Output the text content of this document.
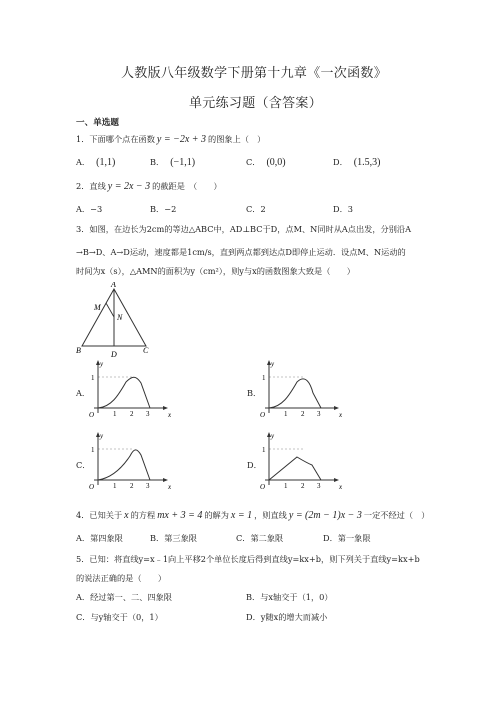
人教版八年级数学下册第十九章《一次函数》
单元练习题（含答案）
一、单选题
1．下面哪个点在函数 y = −2x + 3 的图象上（　）
A． (1,1)	B． (−1,1)	C． (0,0)	D． (1.5,3)
2．直线 y = 2x − 3 的截距是　（　　）
A．−3	B．−2	C．2	D．3
3．如图，在边长为2cm的等边△ABC中，AD⊥BC于D，点M、N同时从A点出发，分别沿A
→B→D、A→D运动，速度都是1cm/s，直到两点都到达点D即停止运动．设点M、N运动的
时间为x（s），△AMN的面积为y（cm²），则y与x的函数图象大致是（　　）
A
M
N
B	D	C
A．	B．
C．	D．
y
x
O
1
1 2 3
y
x
O
1
1 2 3
y
x
O
1
1 2 3
y
x
O
1
1 2 3
4．已知关于 x 的方程 mx + 3 = 4 的解为 x = 1 ，则直线 y = (2m − 1)x − 3 一定不经过（　）
A．第四象限	B．第三象限	C．第二象限	D．第一象限
5．已知：将直线y=x﹣1向上平移2个单位长度后得到直线y=kx+b，则下列关于直线y=kx+b
的说法正确的是（　　）
A．经过第一、二、四象限	B．与x轴交于（1，0）
C．与y轴交于（0，1）	D．y随x的增大而减小
